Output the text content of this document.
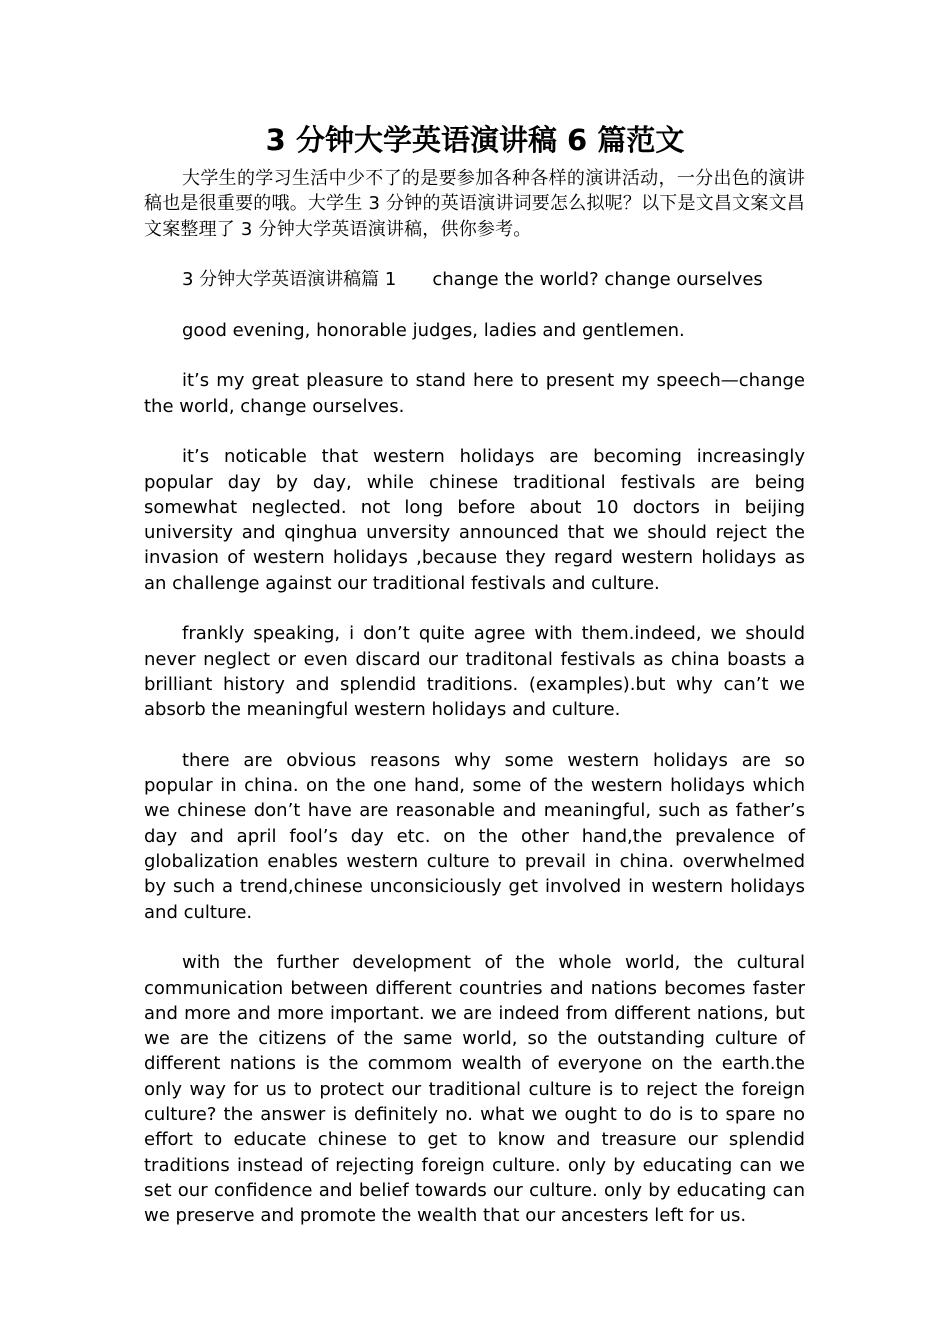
3 分钟大学英语演讲稿 6 篇范文

大学生的学习生活中少不了的是要参加各种各样的演讲活动，一分出色的演讲稿也是很重要的哦。大学生 3 分钟的英语演讲词要怎么拟呢？以下是文昌文案文昌文案整理了 3 分钟大学英语演讲稿，供你参考。

3 分钟大学英语演讲稿篇 1 change the world? change ourselves

good evening, honorable judges, ladies and gentlemen.

it’s my great pleasure to stand here to present my speech—change the world, change ourselves.

it’s noticable that western holidays are becoming increasingly popular day by day, while chinese traditional festivals are being somewhat neglected. not long before about 10 doctors in beijing university and qinghua unversity announced that we should reject the invasion of western holidays ,because they regard western holidays as an challenge against our traditional festivals and culture.

frankly speaking, i don’t quite agree with them.indeed, we should never neglect or even discard our traditonal festivals as china boasts a brilliant history and splendid traditions. (examples).but why can’t we absorb the meaningful western holidays and culture.

there are obvious reasons why some western holidays are so popular in china. on the one hand, some of the western holidays which we chinese don’t have are reasonable and meaningful, such as father’s day and april fool’s day etc. on the other hand,the prevalence of globalization enables western culture to prevail in china. overwhelmed by such a trend,chinese unconsiciously get involved in western holidays and culture.

with the further development of the whole world, the cultural communication between different countries and nations becomes faster and more and more important. we are indeed from different nations, but we are the citizens of the same world, so the outstanding culture of different nations is the commom wealth of everyone on the earth.the only way for us to protect our traditional culture is to reject the foreign culture? the answer is definitely no. what we ought to do is to spare no effort to educate chinese to get to know and treasure our splendid traditions instead of rejecting foreign culture. only by educating can we set our confidence and belief towards our culture. only by educating can we preserve and promote the wealth that our ancesters left for us.
